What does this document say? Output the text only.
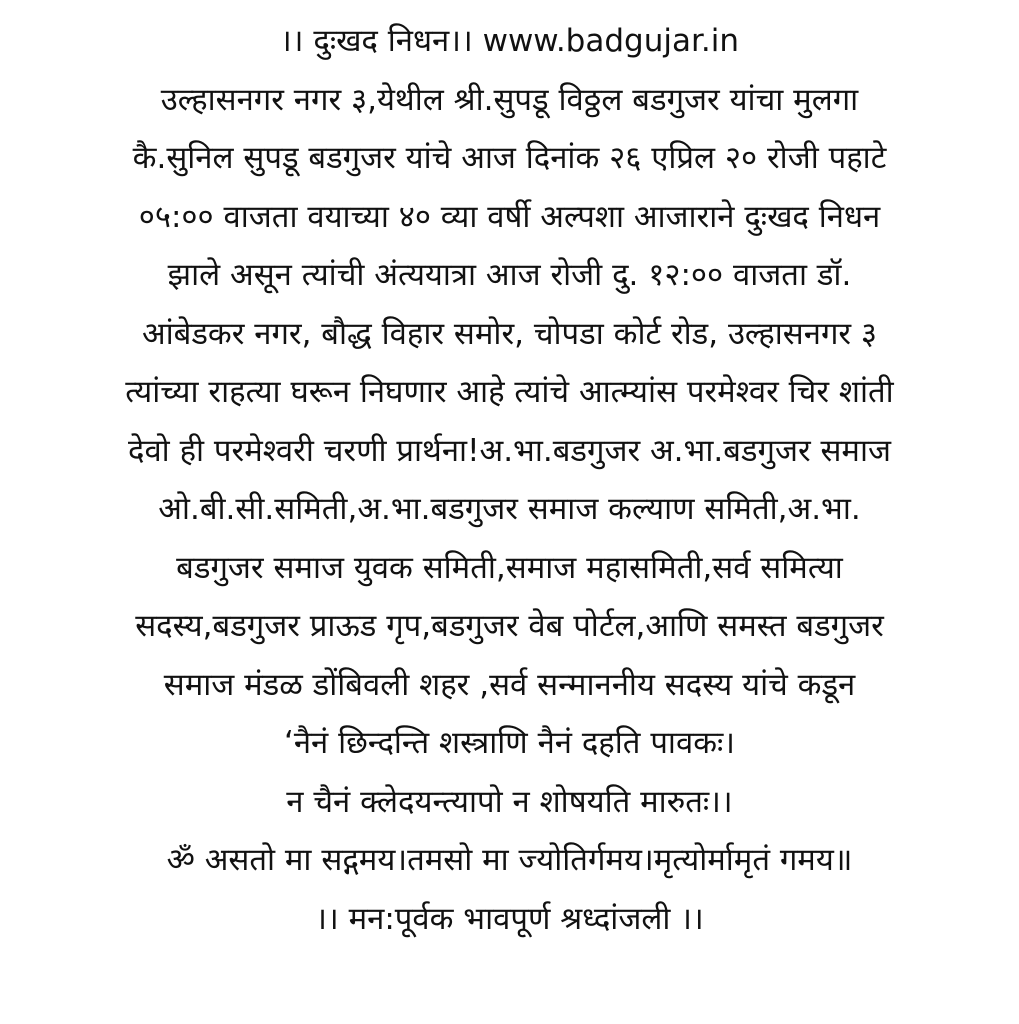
।। दुःखद निधन।। www.badgujar.in
उल्हासनगर नगर ३,येथील श्री.सुपडू विठ्ठल बडगुजर यांचा मुलगा
कै.सुनिल सुपडू बडगुजर यांचे आज दिनांक २६ एप्रिल २० रोजी पहाटे
०५:०० वाजता वयाच्या ४० व्या वर्षी अल्पशा आजाराने दुःखद निधन
झाले असून त्यांची अंत्ययात्रा आज रोजी दु. १२:०० वाजता डॉ.
आंबेडकर नगर, बौद्ध विहार समोर, चोपडा कोर्ट रोड, उल्हासनगर ३
त्यांच्या राहत्या घरून निघणार आहे त्यांचे आत्म्यांस परमेश्वर चिर शांती
देवो ही परमेश्वरी चरणी प्रार्थना!अ.भा.बडगुजर अ.भा.बडगुजर समाज
ओ.बी.सी.समिती,अ.भा.बडगुजर समाज कल्याण समिती,अ.भा.
बडगुजर समाज युवक समिती,समाज महासमिती,सर्व समित्या
सदस्य,बडगुजर प्राऊड गृप,बडगुजर वेब पोर्टल,आणि समस्त बडगुजर
समाज मंडळ डोंबिवली शहर ,सर्व सन्माननीय सदस्य यांचे कडून
‘नैनं छिन्दन्ति शस्त्राणि नैनं दहति पावकः।
न चैनं क्लेदयन्त्यापो न शोषयति मारुतः।।
ॐ असतो मा सद्गमय।तमसो मा ज्योतिर्गमय।मृत्योर्मामृतं गमय॥
।। मन:पूर्वक भावपूर्ण श्रध्दांजली ।।
